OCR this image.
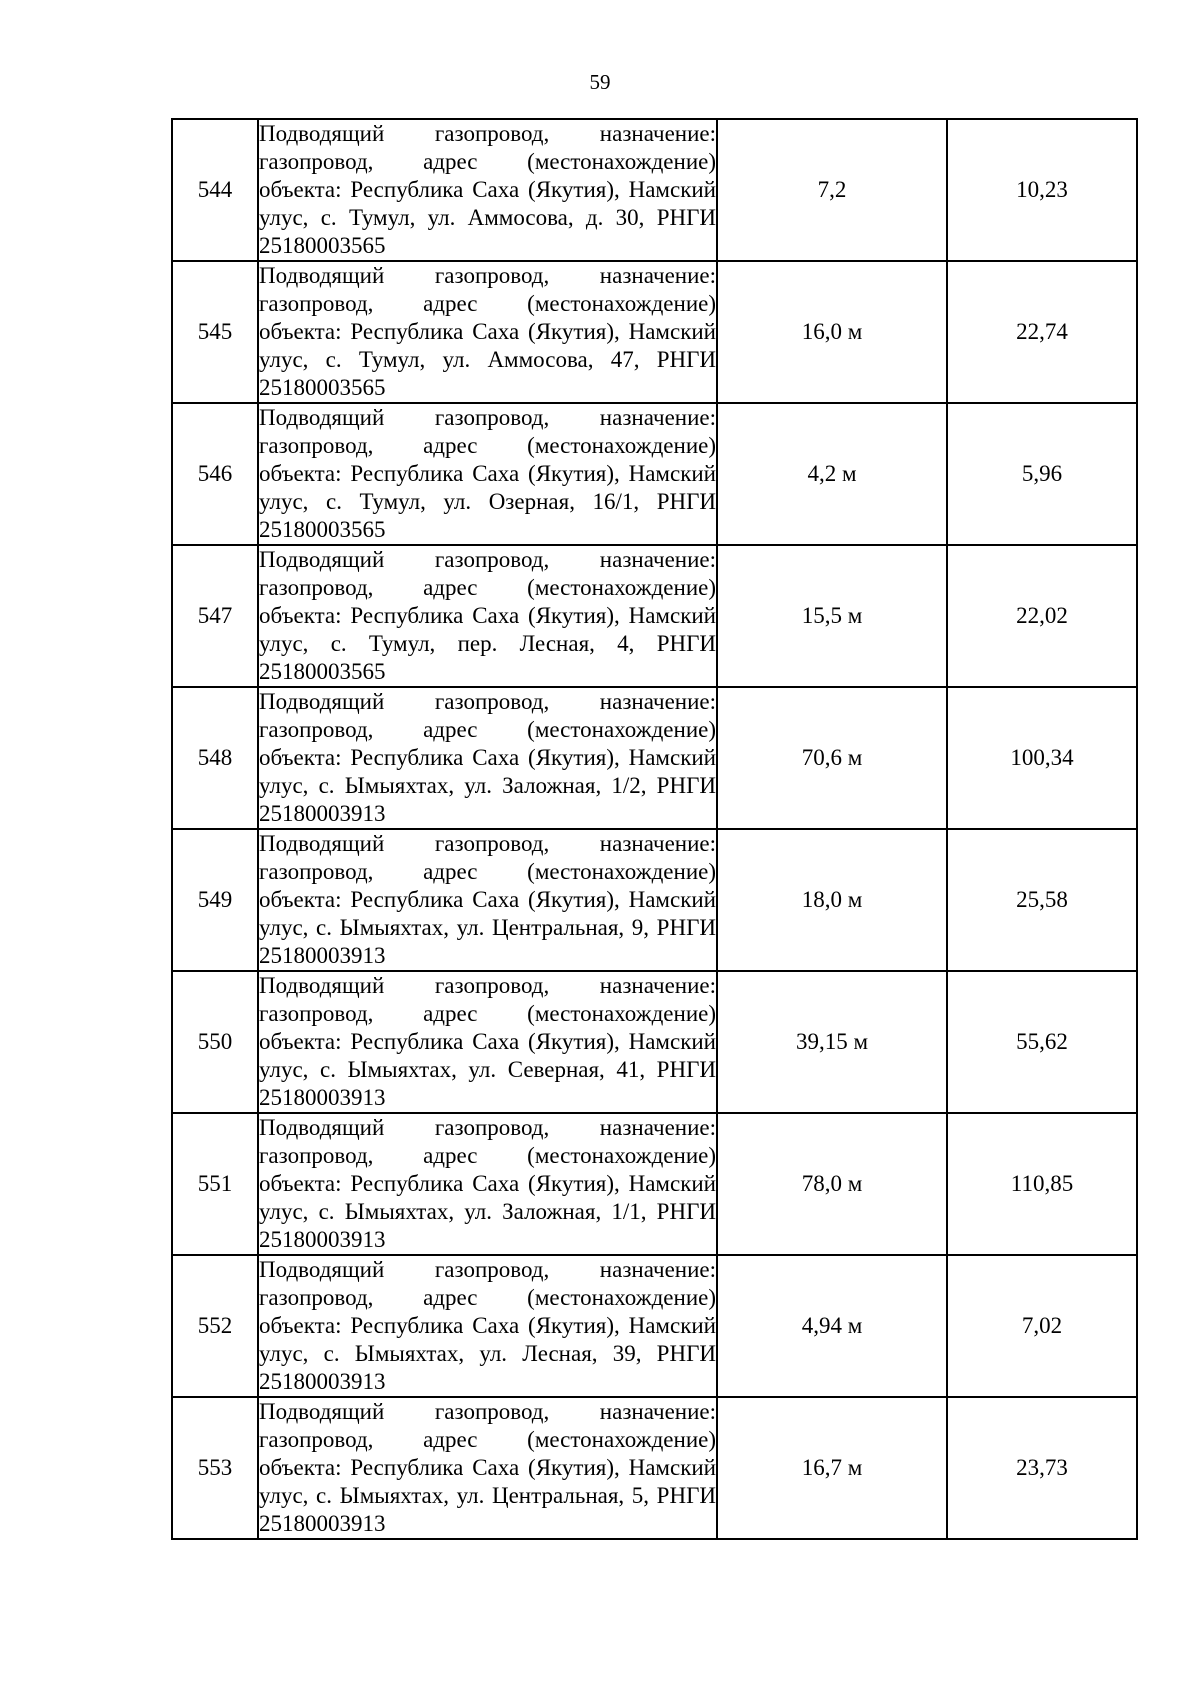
59
544	Подводящий газопровод, назначение: газопровод, адрес (местонахождение) объекта: Республика Саха (Якутия), Намский улус, с. Тумул, ул. Аммосова, д. 30, РНГИ 25180003565	7,2	10,23
545	Подводящий газопровод, назначение: газопровод, адрес (местонахождение) объекта: Республика Саха (Якутия), Намский улус, с. Тумул, ул. Аммосова, 47, РНГИ 25180003565	16,0 м	22,74
546	Подводящий газопровод, назначение: газопровод, адрес (местонахождение) объекта: Республика Саха (Якутия), Намский улус, с. Тумул, ул. Озерная, 16/1, РНГИ 25180003565	4,2 м	5,96
547	Подводящий газопровод, назначение: газопровод, адрес (местонахождение) объекта: Республика Саха (Якутия), Намский улус, с. Тумул, пер. Лесная, 4, РНГИ 25180003565	15,5 м	22,02
548	Подводящий газопровод, назначение: газопровод, адрес (местонахождение) объекта: Республика Саха (Якутия), Намский улус, с. Ымыяхтах, ул. Заложная, 1/2, РНГИ 25180003913	70,6 м	100,34
549	Подводящий газопровод, назначение: газопровод, адрес (местонахождение) объекта: Республика Саха (Якутия), Намский улус, с. Ымыяхтах, ул. Центральная, 9, РНГИ 25180003913	18,0 м	25,58
550	Подводящий газопровод, назначение: газопровод, адрес (местонахождение) объекта: Республика Саха (Якутия), Намский улус, с. Ымыяхтах, ул. Северная, 41, РНГИ 25180003913	39,15 м	55,62
551	Подводящий газопровод, назначение: газопровод, адрес (местонахождение) объекта: Республика Саха (Якутия), Намский улус, с. Ымыяхтах, ул. Заложная, 1/1, РНГИ 25180003913	78,0 м	110,85
552	Подводящий газопровод, назначение: газопровод, адрес (местонахождение) объекта: Республика Саха (Якутия), Намский улус, с. Ымыяхтах, ул. Лесная, 39, РНГИ 25180003913	4,94 м	7,02
553	Подводящий газопровод, назначение: газопровод, адрес (местонахождение) объекта: Республика Саха (Якутия), Намский улус, с. Ымыяхтах, ул. Центральная, 5, РНГИ 25180003913	16,7 м	23,73
